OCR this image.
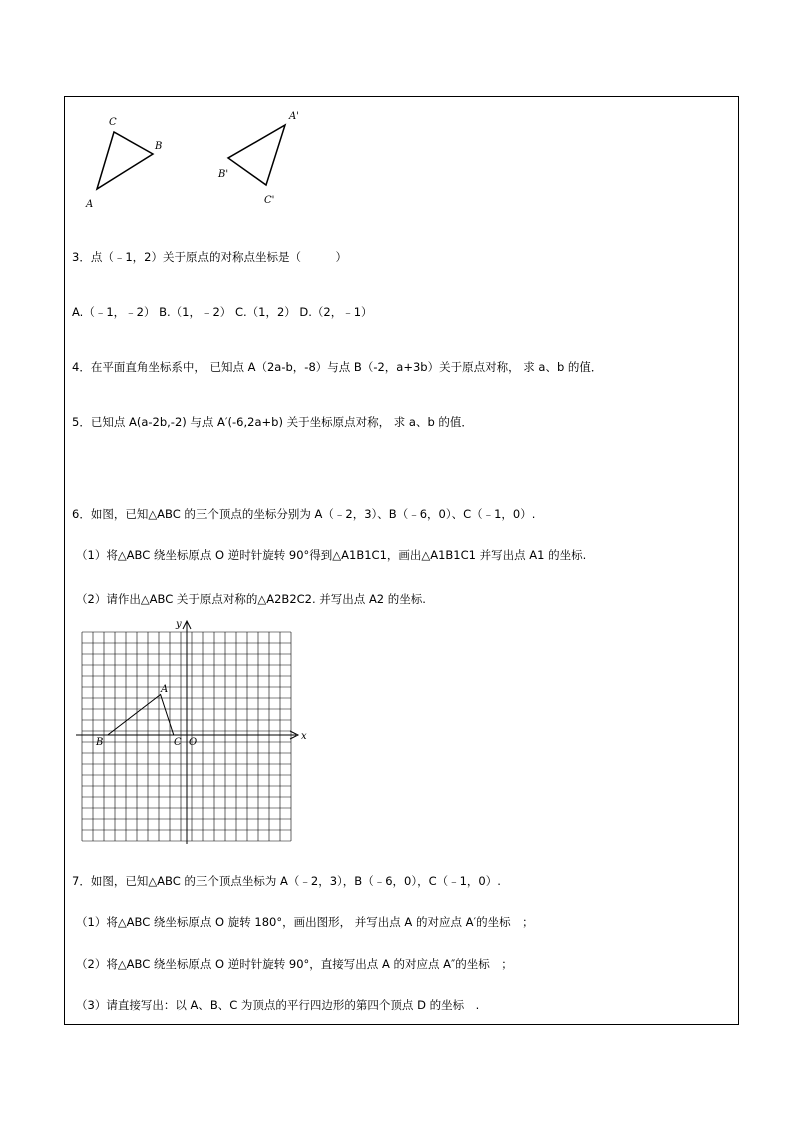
C
B
A
A'
B'
C'
3．点（﹣1，2）关于原点的对称点坐标是（　　　）
A.（﹣1，﹣2） B.（1，﹣2） C.（1，2） D.（2，﹣1）
4．在平面直角坐标系中， 已知点 A（2a-b，-8）与点 B（-2，a+3b）关于原点对称， 求 a、b 的值．
5．已知点 A(a-2b,-2) 与点 A′(-6,2a+b) 关于坐标原点对称， 求 a、b 的值．
6．如图，已知△ABC 的三个顶点的坐标分别为 A（﹣2，3）、B（﹣6，0）、C（﹣1，0）.
（1）将△ABC 绕坐标原点 O 逆时针旋转 90°得到△A1B1C1，画出△A1B1C1 并写出点 A1 的坐标.
（2）请作出△ABC 关于原点对称的△A2B2C2. 并写出点 A2 的坐标.
x
y
A
B	C O
7．如图，已知△ABC 的三个顶点坐标为 A（﹣2，3），B（﹣6，0），C（﹣1，0）.
（1）将△ABC 绕坐标原点 O 旋转 180°，画出图形， 并写出点 A 的对应点 A′的坐标　；
（2）将△ABC 绕坐标原点 O 逆时针旋转 90°，直接写出点 A 的对应点 A″的坐标　；
（3）请直接写出：以 A、B、C 为顶点的平行四边形的第四个顶点 D 的坐标　.
